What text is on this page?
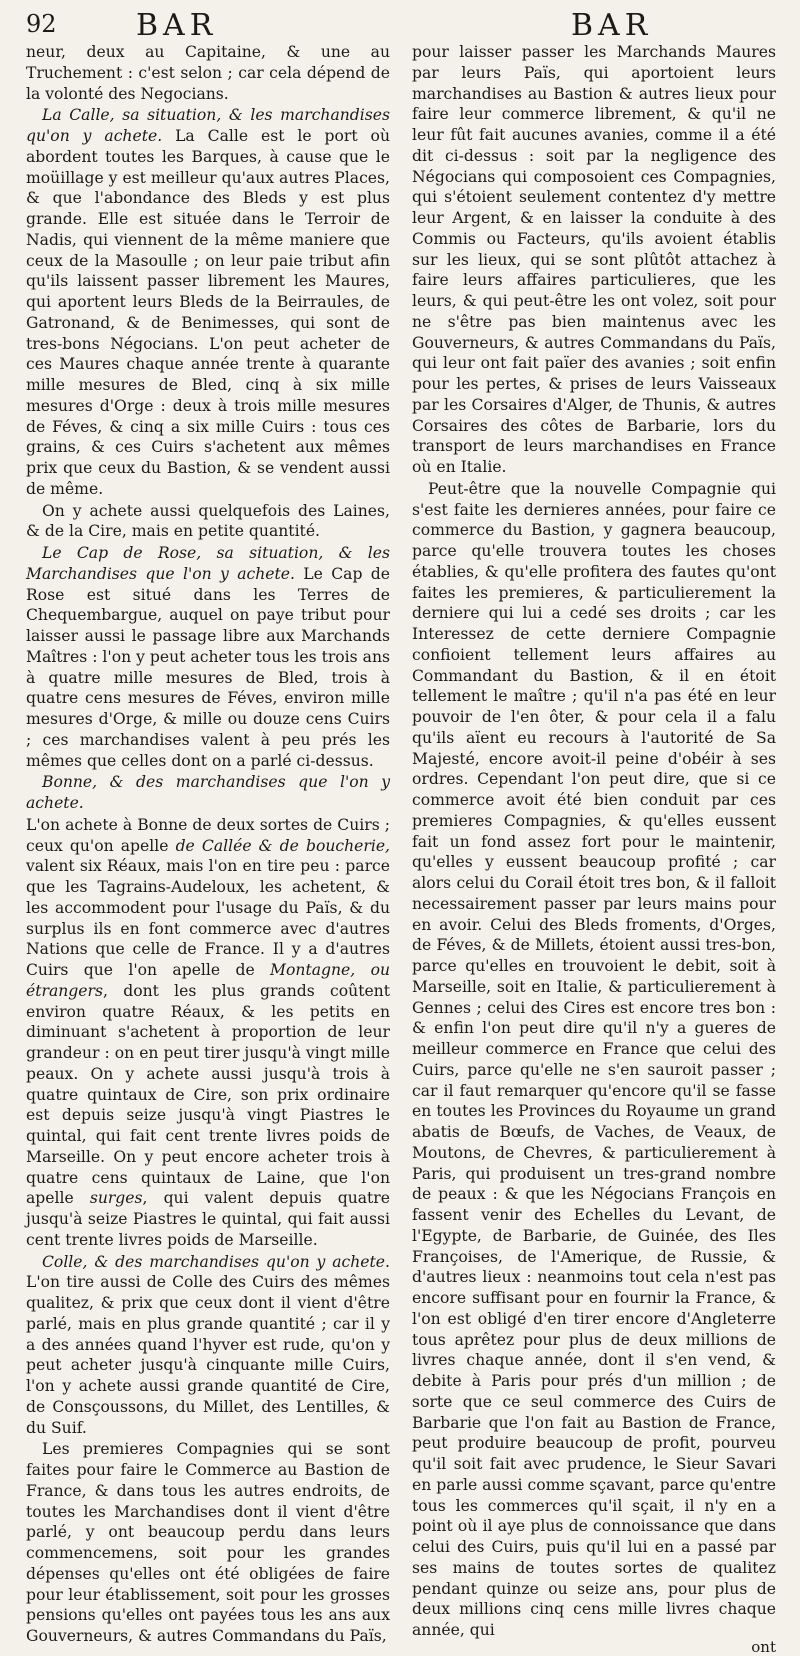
92	BAR	BAR

neur, deux au Capitaine, & une au Truchement : c'est selon ; car cela dépend de la volonté des Negocians.

La Calle, sa situation, & les marchandises qu'on y achete. La Calle est le port où abordent toutes les Barques, à cause que le moüillage y est meilleur qu'aux autres Places, & que l'abondance des Bleds y est plus grande. Elle est située dans le Terroir de Nadis, qui viennent de la même maniere que ceux de la Masoulle ; on leur paie tribut afin qu'ils laissent passer librement les Maures, qui aportent leurs Bleds de la Beirraules, de Gatronand, & de Benimesses, qui sont de tres-bons Négocians. L'on peut acheter de ces Maures chaque année trente à quarante mille mesures de Bled, cinq à six mille mesures d'Orge : deux à trois mille mesures de Féves, & cinq a six mille Cuirs : tous ces grains, & ces Cuirs s'achetent aux mêmes prix que ceux du Bastion, & se vendent aussi de même.

On y achete aussi quelquefois des Laines, & de la Cire, mais en petite quantité.

Le Cap de Rose, sa situation, & les Marchandises que l'on y achete. Le Cap de Rose est situé dans les Terres de Chequembargue, auquel on paye tribut pour laisser aussi le passage libre aux Marchands Maîtres : l'on y peut acheter tous les trois ans à quatre mille mesures de Bled, trois à quatre cens mesures de Féves, environ mille mesures d'Orge, & mille ou douze cens Cuirs ; ces marchandises valent à peu prés les mêmes que celles dont on a parlé ci-dessus.

Bonne, & des marchandises que l'on y achete.

L'on achete à Bonne de deux sortes de Cuirs ; ceux qu'on apelle de Callée & de boucherie, valent six Réaux, mais l'on en tire peu : parce que les Tagrains-Audeloux, les achetent, & les accommodent pour l'usage du Païs, & du surplus ils en font commerce avec d'autres Nations que celle de France. Il y a d'autres Cuirs que l'on apelle de Montagne, ou étrangers, dont les plus grands coûtent environ quatre Réaux, & les petits en diminuant s'achetent à proportion de leur grandeur : on en peut tirer jusqu'à vingt mille peaux. On y achete aussi jusqu'à trois à quatre quintaux de Cire, son prix ordinaire est depuis seize jusqu'à vingt Piastres le quintal, qui fait cent trente livres poids de Marseille. On y peut encore acheter trois à quatre cens quintaux de Laine, que l'on apelle surges, qui valent depuis quatre jusqu'à seize Piastres le quintal, qui fait aussi cent trente livres poids de Marseille.

Colle, & des marchandises qu'on y achete. L'on tire aussi de Colle des Cuirs des mêmes qualitez, & prix que ceux dont il vient d'être parlé, mais en plus grande quantité ; car il y a des années quand l'hyver est rude, qu'on y peut acheter jusqu'à cinquante mille Cuirs, l'on y achete aussi grande quantité de Cire, de Consçoussons, du Millet, des Lentilles, & du Suif.

Les premieres Compagnies qui se sont faites pour faire le Commerce au Bastion de France, & dans tous les autres endroits, de toutes les Marchandises dont il vient d'être parlé, y ont beaucoup perdu dans leurs commencemens, soit pour les grandes dépenses qu'elles ont été obligées de faire pour leur établissement, soit pour les grosses pensions qu'elles ont payées tous les ans aux Gouverneurs, & autres Commandans du Païs,

pour laisser passer les Marchands Maures par leurs Païs, qui aportoient leurs marchandises au Bastion & autres lieux pour faire leur commerce librement, & qu'il ne leur fût fait aucunes avanies, comme il a été dit ci-dessus : soit par la negligence des Négocians qui composoient ces Compagnies, qui s'étoient seulement contentez d'y mettre leur Argent, & en laisser la conduite à des Commis ou Facteurs, qu'ils avoient établis sur les lieux, qui se sont plûtôt attachez à faire leurs affaires particulieres, que les leurs, & qui peut-être les ont volez, soit pour ne s'être pas bien maintenus avec les Gouverneurs, & autres Commandans du Païs, qui leur ont fait païer des avanies ; soit enfin pour les pertes, & prises de leurs Vaisseaux par les Corsaires d'Alger, de Thunis, & autres Corsaires des côtes de Barbarie, lors du transport de leurs marchandises en France où en Italie.

Peut-être que la nouvelle Compagnie qui s'est faite les dernieres années, pour faire ce commerce du Bastion, y gagnera beaucoup, parce qu'elle trouvera toutes les choses établies, & qu'elle profitera des fautes qu'ont faites les premieres, & particulierement la derniere qui lui a cedé ses droits ; car les Interessez de cette derniere Compagnie confioient tellement leurs affaires au Commandant du Bastion, & il en étoit tellement le maître ; qu'il n'a pas été en leur pouvoir de l'en ôter, & pour cela il a falu qu'ils aïent eu recours à l'autorité de Sa Majesté, encore avoit-il peine d'obéir à ses ordres. Cependant l'on peut dire, que si ce commerce avoit été bien conduit par ces premieres Compagnies, & qu'elles eussent fait un fond assez fort pour le maintenir, qu'elles y eussent beaucoup profité ; car alors celui du Corail étoit tres bon, & il falloit necessairement passer par leurs mains pour en avoir. Celui des Bleds froments, d'Orges, de Féves, & de Millets, étoient aussi tres-bon, parce qu'elles en trouvoient le debit, soit à Marseille, soit en Italie, & particulierement à Gennes ; celui des Cires est encore tres bon : & enfin l'on peut dire qu'il n'y a gueres de meilleur commerce en France que celui des Cuirs, parce qu'elle ne s'en sauroit passer ; car il faut remarquer qu'encore qu'il se fasse en toutes les Provinces du Royaume un grand abatis de Bœufs, de Vaches, de Veaux, de Moutons, de Chevres, & particulierement à Paris, qui produisent un tres-grand nombre de peaux : & que les Négocians François en fassent venir des Echelles du Levant, de l'Egypte, de Barbarie, de Guinée, des Iles Françoises, de l'Amerique, de Russie, & d'autres lieux : neanmoins tout cela n'est pas encore suffisant pour en fournir la France, & l'on est obligé d'en tirer encore d'Angleterre tous aprêtez pour plus de deux millions de livres chaque année, dont il s'en vend, & debite à Paris pour prés d'un million ; de sorte que ce seul commerce des Cuirs de Barbarie que l'on fait au Bastion de France, peut produire beaucoup de profit, pourveu qu'il soit fait avec prudence, le Sieur Savari en parle aussi comme sçavant, parce qu'entre tous les commerces qu'il sçait, il n'y en a point où il aye plus de connoissance que dans celui des Cuirs, puis qu'il lui en a passé par ses mains de toutes sortes de qualitez pendant quinze ou seize ans, pour plus de deux millions cinq cens mille livres chaque année, qui

ont
